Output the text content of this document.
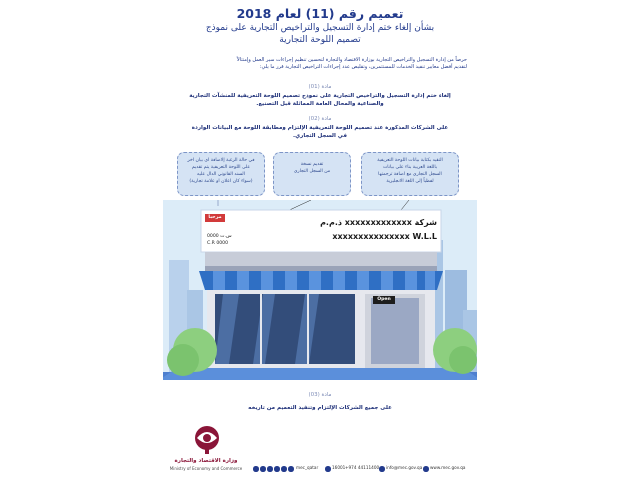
تعميم رقم (11) لعام 2018
بشأن إلغاء ختم إدارة التسجيل والتراخيص التجارية على نموذج
تصميم اللوحة التجارية
حرصاً من إدارة التسجيل والتراخيص التجارية بوزارة الاقتصاد والتجارة لتحسين تنظيم إجراءات سير العمل وإمتثالاً
لتقديم أفضل معايير تنفيذ الخدمات للمستثمرين، وتقليص عدد إجراءات التراخيص التجارية قرر ما يلي:
مادة (01)
إلغاء ختم إدارة التسجيل والتراخيص التجارية على نموذج تصميم اللوحة التعريفية للمنشآت التجارية
والصناعية والمحال العامة المماثلة قبل التصنيع.
مادة (02)
على الشركات المذكورة عند تصميم اللوحة التعريفية الإلتزام ومطابقة اللوحة مع البيانات الواردة
في السجل التجاري.
في حالة الرغبة إلاضافة اي بيان اخر
على اللوحة التعريفية يتم تقديم
السند القانوني الدال عليه
(سواء كان اعلان او علامة تجارية)
تقديم نسخة
من السجل التجاري
التقيد بكتابة بيانات اللوحة التعريفية
باللغة العربية بناء على بيانات
السجل التجاري مع اضافة ترجمتها
لفظياً إلى اللغة الانجليزية
مرحباً
شركة xxxxxxxxxxxxx ذ.م.م
xxxxxxxxxxxxxxx W.L.L
س.ت 0000
C.R 0000
Open
مادة (03)
على جميع الشركات الإلتزام وتنفيذ التعميم من تاريخه
وزارة الاقتصاد والتجارة
Ministry of Economy and Commerce	mec_qatar	16001 +974 44111400 info@mec.gov.qa www.mec.gov.qa
